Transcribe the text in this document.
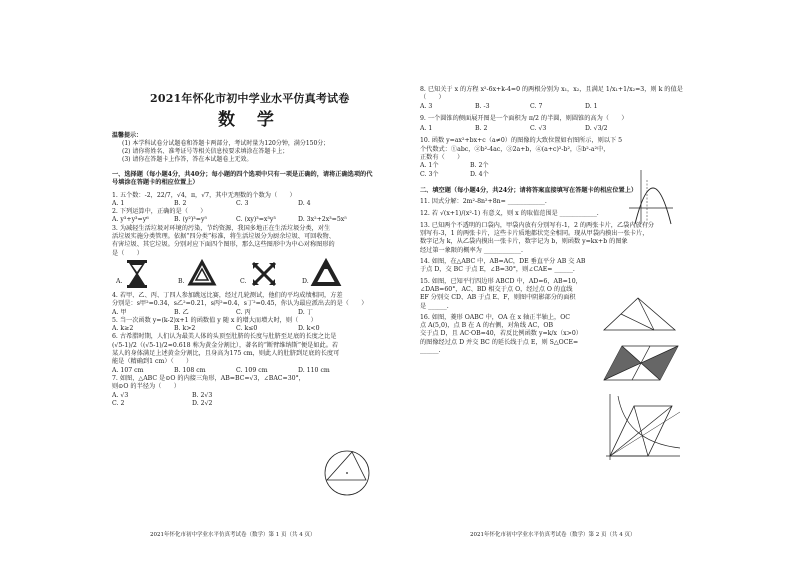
2021年怀化市初中学业水平仿真考试卷
数 学
温馨提示：
(1) 本学科试卷分试题卷和答题卡两部分，考试时量为120分钟，满分150分；
(2) 请你将姓名、准考证号等相关信息按要求填涂在答题卡上；
(3) 请你在答题卡上作答，答在本试题卷上无效。
一、选择题（每小题4分，共40分；每小题的四个选项中只有一项是正确的，请将正确选项的代号填涂在答题卡的相应位置上）
1. 五个数：-2，22/7，√4，π，√7，其中无理数的个数为（　　）
A. 1	B. 2	C. 3	D. 4
2. 下列运算中，正确的是（　　）
A. y³+y³=y⁶	B. (y²)³=y⁵	C. (xy)³=x³y³	D. 3x²+2x³=5x⁵
3. 为减轻生活垃圾对环境的污染，节约资源，我国多地正在生活垃圾分类，对生
活垃圾实施分类管理。依据“四分类”标准，将生活垃圾分为厨余垃圾、可回收物、
有害垃圾、其它垃圾。分别对应下面四个图形，那么这些图形中为中心对称图形的
是（　　）
A.	B.	C.	D.
4. 若甲、乙、丙、丁四人参加跳远比赛，经过几轮测试，他们的平均成绩相同，方差
分别是：s甲²=0.34，s乙²=0.21，s丙²=0.4，s丁²=0.45，你认为最应派出去的是（　　）
A. 甲	B. 乙	C. 丙	D. 丁
5. 当一次函数 y=(k-2)x+1 的函数值 y 随 x 的增大而增大时，则（　　）
A. k≥2	B. k>2	C. k≤0	D. k<0
6. 古希腊时期，人们认为最美人体的头顶至肚脐的长度与肚脐至足底的长度之比是
(√5-1)/2（(√5-1)/2≈0.618 称为黄金分割比），著名的“断臂维纳斯”便是如此。若
某人的身体满足上述黄金分割比，且身高为175 cm，则此人的肚脐到足底的长度可
能是（精确到1 cm）（　　）
A. 107 cm	B. 108 cm	C. 109 cm	D. 110 cm
7. 如图，△ABC 是⊙O 的内接三角形，AB=BC=√3，∠BAC=30°，
则⊙O 的半径为（　　）
A. √3	B. 2√3
C. 2	D. 2√2
2021年怀化市初中学业水平仿真考试卷（数学）第 1 页（共 4 页）
8. 已知关于 x 的方程 x²-6x+k-4=0 的两根分别为 x₁，x₂，且满足 1/x₁+1/x₂=3，则 k 的值是
（　　）
A. 3	B. -3	C. 7	D. 1
9. 一个圆锥的侧面展开图是一个面积为 π/2 的半圆，则圆锥的高为（　　）
A. 1	B. 2	C. √3	D. √3/2
10. 函数 y=ax²+bx+c（a≠0）的图像的大致位置如右图所示，则以下 5
个代数式：①abc，②b²-4ac，③2a+b，④(a+c)²-b²，⑤b²-a²中，
正数有（　　）
A. 1个	B. 2个
C. 3个	D. 4个
二、填空题（每小题4分，共24分；请将答案直接填写在答题卡的相应位置上）
11. 因式分解：2m²-8n²+8n= ____________.
12. 若 √(x+1)/(x²-1) 有意义，则 x 的取值范围是 ____________.
13. 已知两个不透明的口袋内，甲袋内放有分别写有-1，2 的两张卡片，乙袋内放有分
别写有-3，1 的两张卡片，这些卡片质地都状完全相同。现从甲袋内摸出一张卡片，
数字记为 k，从乙袋内摸出一张卡片，数字记为 b，则函数 y=kx+b 的图象
经过第一象限的概率为 ____________.
14. 如图，在△ABC 中，AB=AC，DE 垂直平分 AB 交 AB
于点 D，交 BC 于点 E，∠B=30°，则∠CAE= ______.
15. 如图，已知平行四边形 ABCD 中，AD=6，AB=10，
∠DAB=60°，AC、BD 相交于点 O，经过点 O 的直线
EF 分别交 CD、AB 于点 E、F，则图中阴影部分的面积
是 ______.
16. 如图，菱形 OABC 中，OA 在 x 轴正半轴上，OC
点 A(5,0)，点 B 在 A 的右侧，对角线 AC，OB
交于点 D，且 AC·OB=40，若反比例函数 y=k/x（x>0）
的图像经过点 D 并交 BC 的延长线于点 E，则 S△OCE=
______.
2021年怀化市初中学业水平仿真考试卷（数学）第 2 页（共 4 页）
